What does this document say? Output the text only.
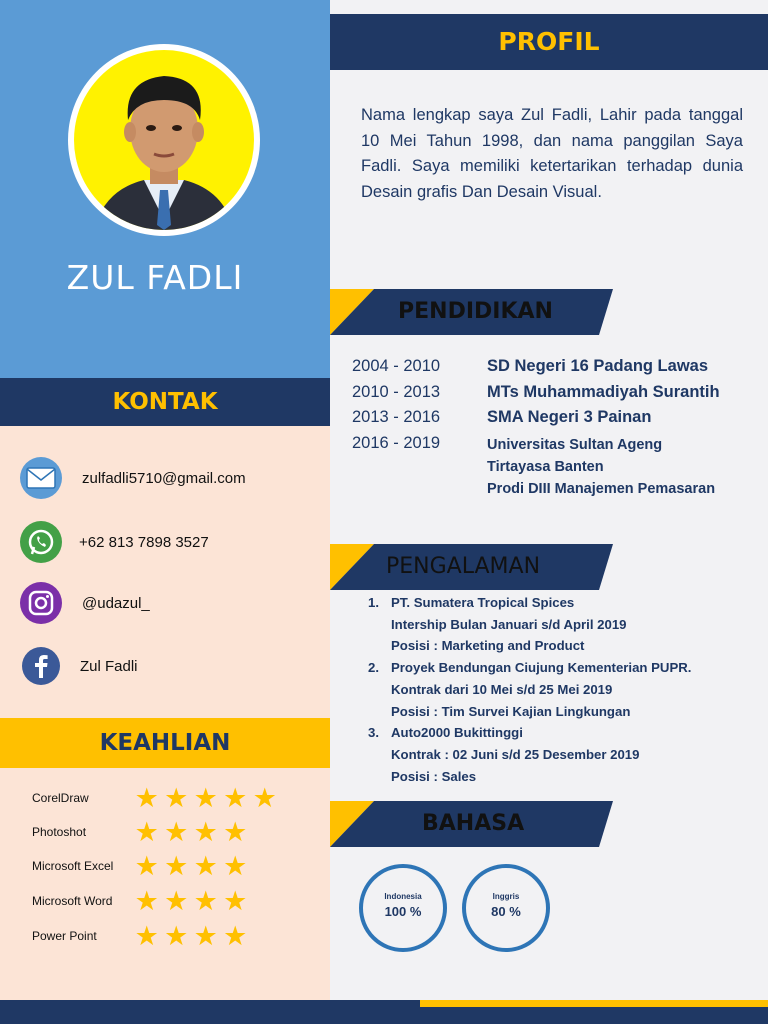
ZUL FADLI
KONTAK
zulfadli5710@gmail.com
+62 813 7898 3527
@udazul_
Zul Fadli
KEAHLIAN
CorelDraw	★ ★ ★ ★ ★
Photoshot	★ ★ ★ ★
Microsoft Excel ★ ★ ★ ★
Microsoft Word ★ ★ ★ ★
Power Point	★ ★ ★ ★
PROFIL

Nama lengkap saya Zul Fadli, Lahir pada tanggal 10 Mei Tahun 1998, dan nama panggilan Saya Fadli. Saya memiliki ketertarikan terhadap dunia Desain grafis Dan Desain Visual.

PENDIDIKAN
2004 - 2010	SD Negeri 16 Padang Lawas
2010 - 2013	MTs Muhammadiyah Surantih
2013 - 2016	SMA Negeri 3 Painan
2016 - 2019	Universitas Sultan Ageng
Tirtayasa Banten
Prodi DIII Manajemen Pemasaran
PENGALAMAN
1. PT. Sumatera Tropical Spices
Intership Bulan Januari s/d April 2019
Posisi : Marketing and Product
2. Proyek Bendungan Ciujung Kementerian PUPR.
Kontrak dari 10 Mei s/d 25 Mei 2019
Posisi : Tim Survei Kajian Lingkungan
3. Auto2000 Bukittinggi
Kontrak : 02 Juni s/d 25 Desember 2019
Posisi : Sales
BAHASA
Indonesia
100 %
Inggris
80 %
